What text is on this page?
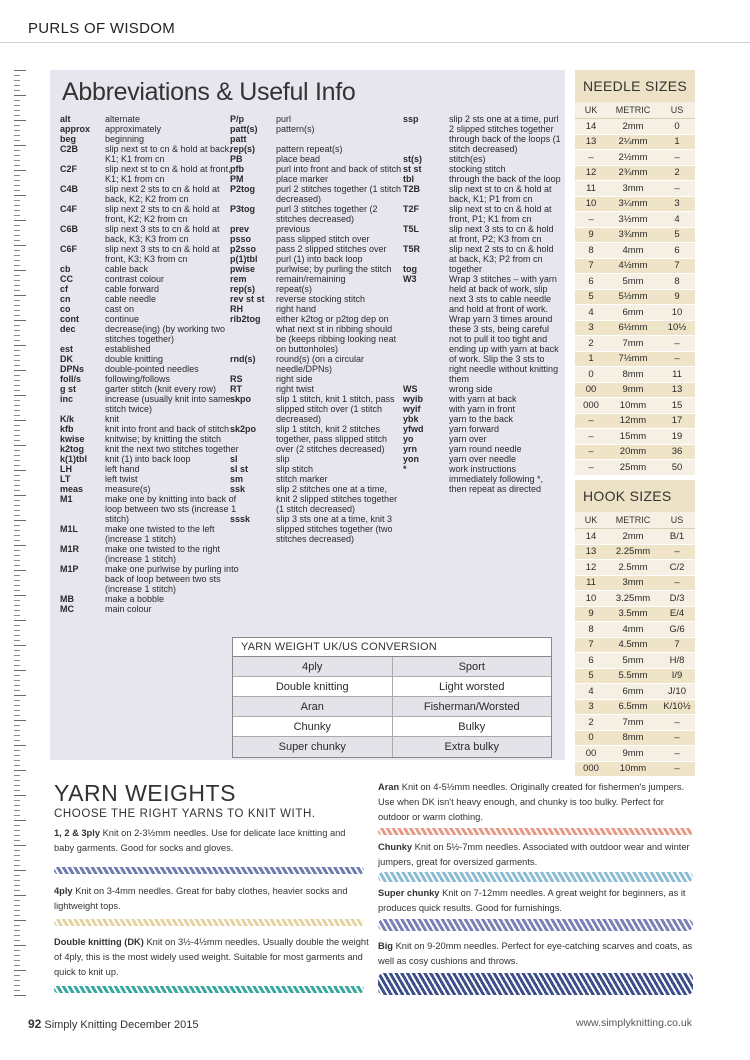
PURLS OF WISDOM
Abbreviations & Useful Info
alt	alternate
approx	approximately
beg	beginning
C2B	slip next st to cn & hold at back, K1; K1 from cn
C2F	slip next st to cn & hold at front, K1; K1 from cn
C4B	slip next 2 sts to cn & hold at back, K2; K2 from cn
C4F	slip next 2 sts to cn & hold at front, K2; K2 from cn
C6B	slip next 3 sts to cn & hold at back, K3; K3 from cn
C6F	slip next 3 sts to cn & hold at front, K3; K3 from cn
cb	cable back
CC	contrast colour
cf	cable forward
cn	cable needle
co	cast on
cont	continue
dec	decrease(ing) (by working two stitches together)
est	established
DK	double knitting
DPNs	double-pointed needles
foll/s	following/follows
g st	garter stitch (knit every row)
inc	increase (usually knit into same stitch twice)
K/k	knit
kfb	knit into front and back of stitch
kwise	knitwise; by knitting the stitch
k2tog	knit the next two stitches together
k(1)tbl	knit (1) into back loop
LH	left hand
LT	left twist
meas	measure(s)
M1	make one by knitting into back of loop between two sts (increase 1 stitch)
M1L	make one twisted to the left (increase 1 stitch)
M1R	make one twisted to the right (increase 1 stitch)
M1P	make one purlwise by purling into back of loop between two sts (increase 1 stitch)
MB	make a bobble
MC	main colour
P/p	purl
patt(s)	pattern(s)
patt
rep(s)	pattern repeat(s)
PB	place bead
pfb	purl into front and back of stitch
PM	place marker
P2tog	purl 2 stitches together (1 stitch decreased)
P3tog	purl 3 stitches together (2 stitches decreased)
prev	previous
psso	pass slipped stitch over
p2sso	pass 2 slipped stitches over
p(1)tbl	purl (1) into back loop
pwise	purlwise; by purling the stitch
rem	remain/remaining
rep(s)	repeat(s)
rev st st	reverse stocking stitch
RH	right hand
rib2tog	either k2tog or p2tog dep on what next st in ribbing should be (keeps ribbing looking neat on buttonholes)
rnd(s)	round(s) (on a circular needle/DPNs)
RS	right side
RT	right twist
skpo	slip 1 stitch, knit 1 stitch, pass slipped stitch over (1 stitch decreased)
sk2po	slip 1 stitch, knit 2 stitches together, pass slipped stitch over (2 stitches decreased)
sl	slip
sl st	slip stitch
sm	stitch marker
ssk	slip 2 stitches one at a time, knit 2 slipped stitches together (1 stitch decreased)
sssk	slip 3 sts one at a time, knit 3 slipped stitches together (two stitches decreased)
ssp	slip 2 sts one at a time, purl 2 slipped stitches together through back of the loops (1 stitch decreased)
st(s)	stitch(es)
st st	stocking stitch
tbl	through the back of the loop
T2B	slip next st to cn & hold at back, K1; P1 from cn
T2F	slip next st to cn & hold at front, P1; K1 from cn
T5L	slip next 3 sts to cn & hold at front, P2; K3 from cn
T5R	slip next 2 sts to cn & hold at back, K3; P2 from cn
tog	together
W3	Wrap 3 stitches – with yarn held at back of work, slip next 3 sts to cable needle and hold at front of work. Wrap yarn 3 times around these 3 sts, being careful not to pull it too tight and ending up with yarn at back of work. Slip the 3 sts to right needle without knitting them
WS	wrong side
wyib	with yarn at back
wyif	with yarn in front
ybk	yarn to the back
yfwd	yarn forward
yo	yarn over
yrn	yarn round needle
yon	yarn over needle
*	work instructions immediately following *, then repeat as directed
YARN WEIGHT UK/US CONVERSION
4ply	Sport
Double knitting	Light worsted
Aran	Fisherman/Worsted
Chunky	Bulky
Super chunky	Extra bulky
NEEDLE SIZES
UK	METRIC	US
14	2mm	0
13	2¼mm	1
–	2½mm	–
12	2¾mm	2
11	3mm	–
10	3¼mm	3
–	3½mm	4
9	3¾mm	5
8	4mm	6
7	4½mm	7
6	5mm	8
5	5½mm	9
4	6mm	10
3	6½mm	10½
2	7mm	–
1	7½mm	–
0	8mm	11
00	9mm	13
000	10mm	15
–	12mm	17
–	15mm	19
–	20mm	36
–	25mm	50
HOOK SIZES
UK	METRIC	US
14	2mm	B/1
13	2.25mm	–
12	2.5mm	C/2
11	3mm	–
10	3.25mm	D/3
9	3.5mm	E/4
8	4mm	G/6
7	4.5mm	7
6	5mm	H/8
5	5.5mm	I/9
4	6mm	J/10
3	6.5mm	K/10½
2	7mm	–
0	8mm	–
00	9mm	–
000	10mm	–
YARN WEIGHTS
CHOOSE THE RIGHT YARNS TO KNIT WITH.
1, 2 & 3ply Knit on 2-3½mm needles. Use for delicate lace knitting and baby garments. Good for socks and gloves.
4ply Knit on 3-4mm needles. Great for baby clothes, heavier socks and lightweight tops.
Double knitting (DK) Knit on 3½-4½mm needles. Usually double the weight of 4ply, this is the most widely used weight. Suitable for most garments and quick to knit up.
Aran Knit on 4-5½mm needles. Originally created for fishermen's jumpers. Use when DK isn't heavy enough, and chunky is too bulky. Perfect for outdoor or warm clothing.
Chunky Knit on 5½-7mm needles. Associated with outdoor wear and winter jumpers, great for oversized garments.
Super chunky Knit on 7-12mm needles. A great weight for beginners, as it produces quick results. Good for furnishings.
Big Knit on 9-20mm needles. Perfect for eye-catching scarves and coats, as well as cosy cushions and throws.
92 Simply Knitting December 2015	www.simplyknitting.co.uk
